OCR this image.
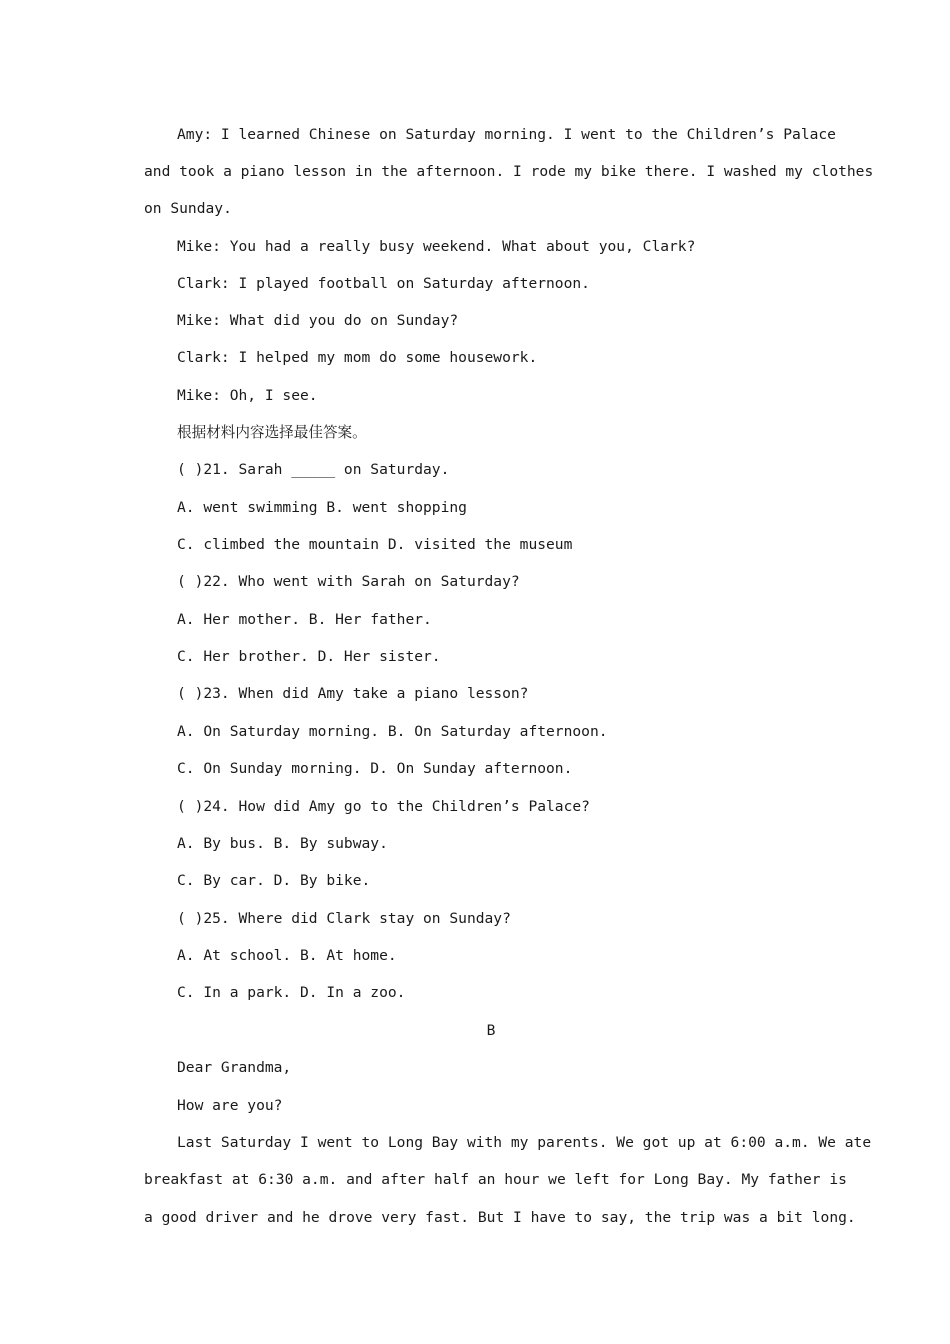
Amy: I learned Chinese on Saturday morning. I went to the Children’s Palace
and took a piano lesson in the afternoon. I rode my bike there. I washed my clothes
on Sunday.
Mike: You had a really busy weekend. What about you, Clark?
Clark: I played football on Saturday afternoon.
Mike: What did you do on Sunday?
Clark: I helped my mom do some housework.
Mike: Oh, I see.
根据材料内容选择最佳答案。
( )21. Sarah _____ on Saturday.
A. went swimming B. went shopping
C. climbed the mountain D. visited the museum
( )22. Who went with Sarah on Saturday?
A. Her mother. B. Her father.
C. Her brother. D. Her sister.
( )23. When did Amy take a piano lesson?
A. On Saturday morning. B. On Saturday afternoon.
C. On Sunday morning. D. On Sunday afternoon.
( )24. How did Amy go to the Children’s Palace?
A. By bus. B. By subway.
C. By car. D. By bike.
( )25. Where did Clark stay on Sunday?
A. At school. B. At home.
C. In a park. D. In a zoo.
B
Dear Grandma,
How are you?
Last Saturday I went to Long Bay with my parents. We got up at 6:00 a.m. We ate
breakfast at 6:30 a.m. and after half an hour we left for Long Bay. My father is
a good driver and he drove very fast. But I have to say, the trip was a bit long.
